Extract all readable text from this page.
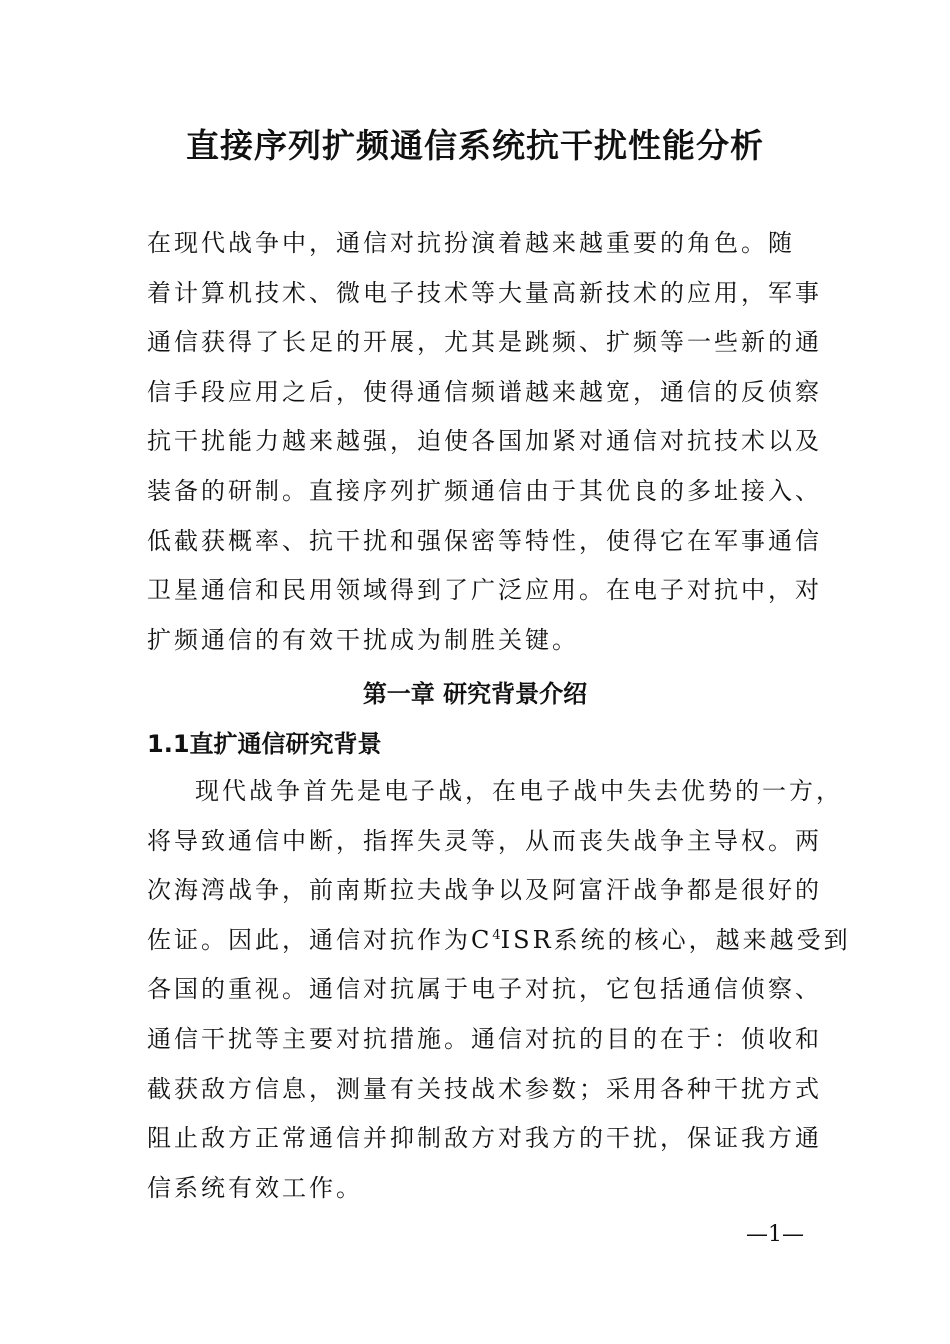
直接序列扩频通信系统抗干扰性能分析
在现代战争中，通信对抗扮演着越来越重要的角色。随
着计算机技术、微电子技术等大量高新技术的应用，军事
通信获得了长足的开展，尤其是跳频、扩频等一些新的通
信手段应用之后，使得通信频谱越来越宽，通信的反侦察
抗干扰能力越来越强，迫使各国加紧对通信对抗技术以及
装备的研制。直接序列扩频通信由于其优良的多址接入、
低截获概率、抗干扰和强保密等特性，使得它在军事通信
卫星通信和民用领域得到了广泛应用。在电子对抗中，对
扩频通信的有效干扰成为制胜关键。
第一章 研究背景介绍
1.1直扩通信研究背景
现代战争首先是电子战，在电子战中失去优势的一方，
将导致通信中断，指挥失灵等，从而丧失战争主导权。两
次海湾战争，前南斯拉夫战争以及阿富汗战争都是很好的
佐证。因此，通信对抗作为$C^4ISR$系统的核心，越来越受到
各国的重视。通信对抗属于电子对抗，它包括通信侦察、
通信干扰等主要对抗措施。通信对抗的目的在于：侦收和
截获敌方信息，测量有关技战术参数；采用各种干扰方式
阻止敌方正常通信并抑制敌方对我方的干扰，保证我方通
信系统有效工作。
—1—
